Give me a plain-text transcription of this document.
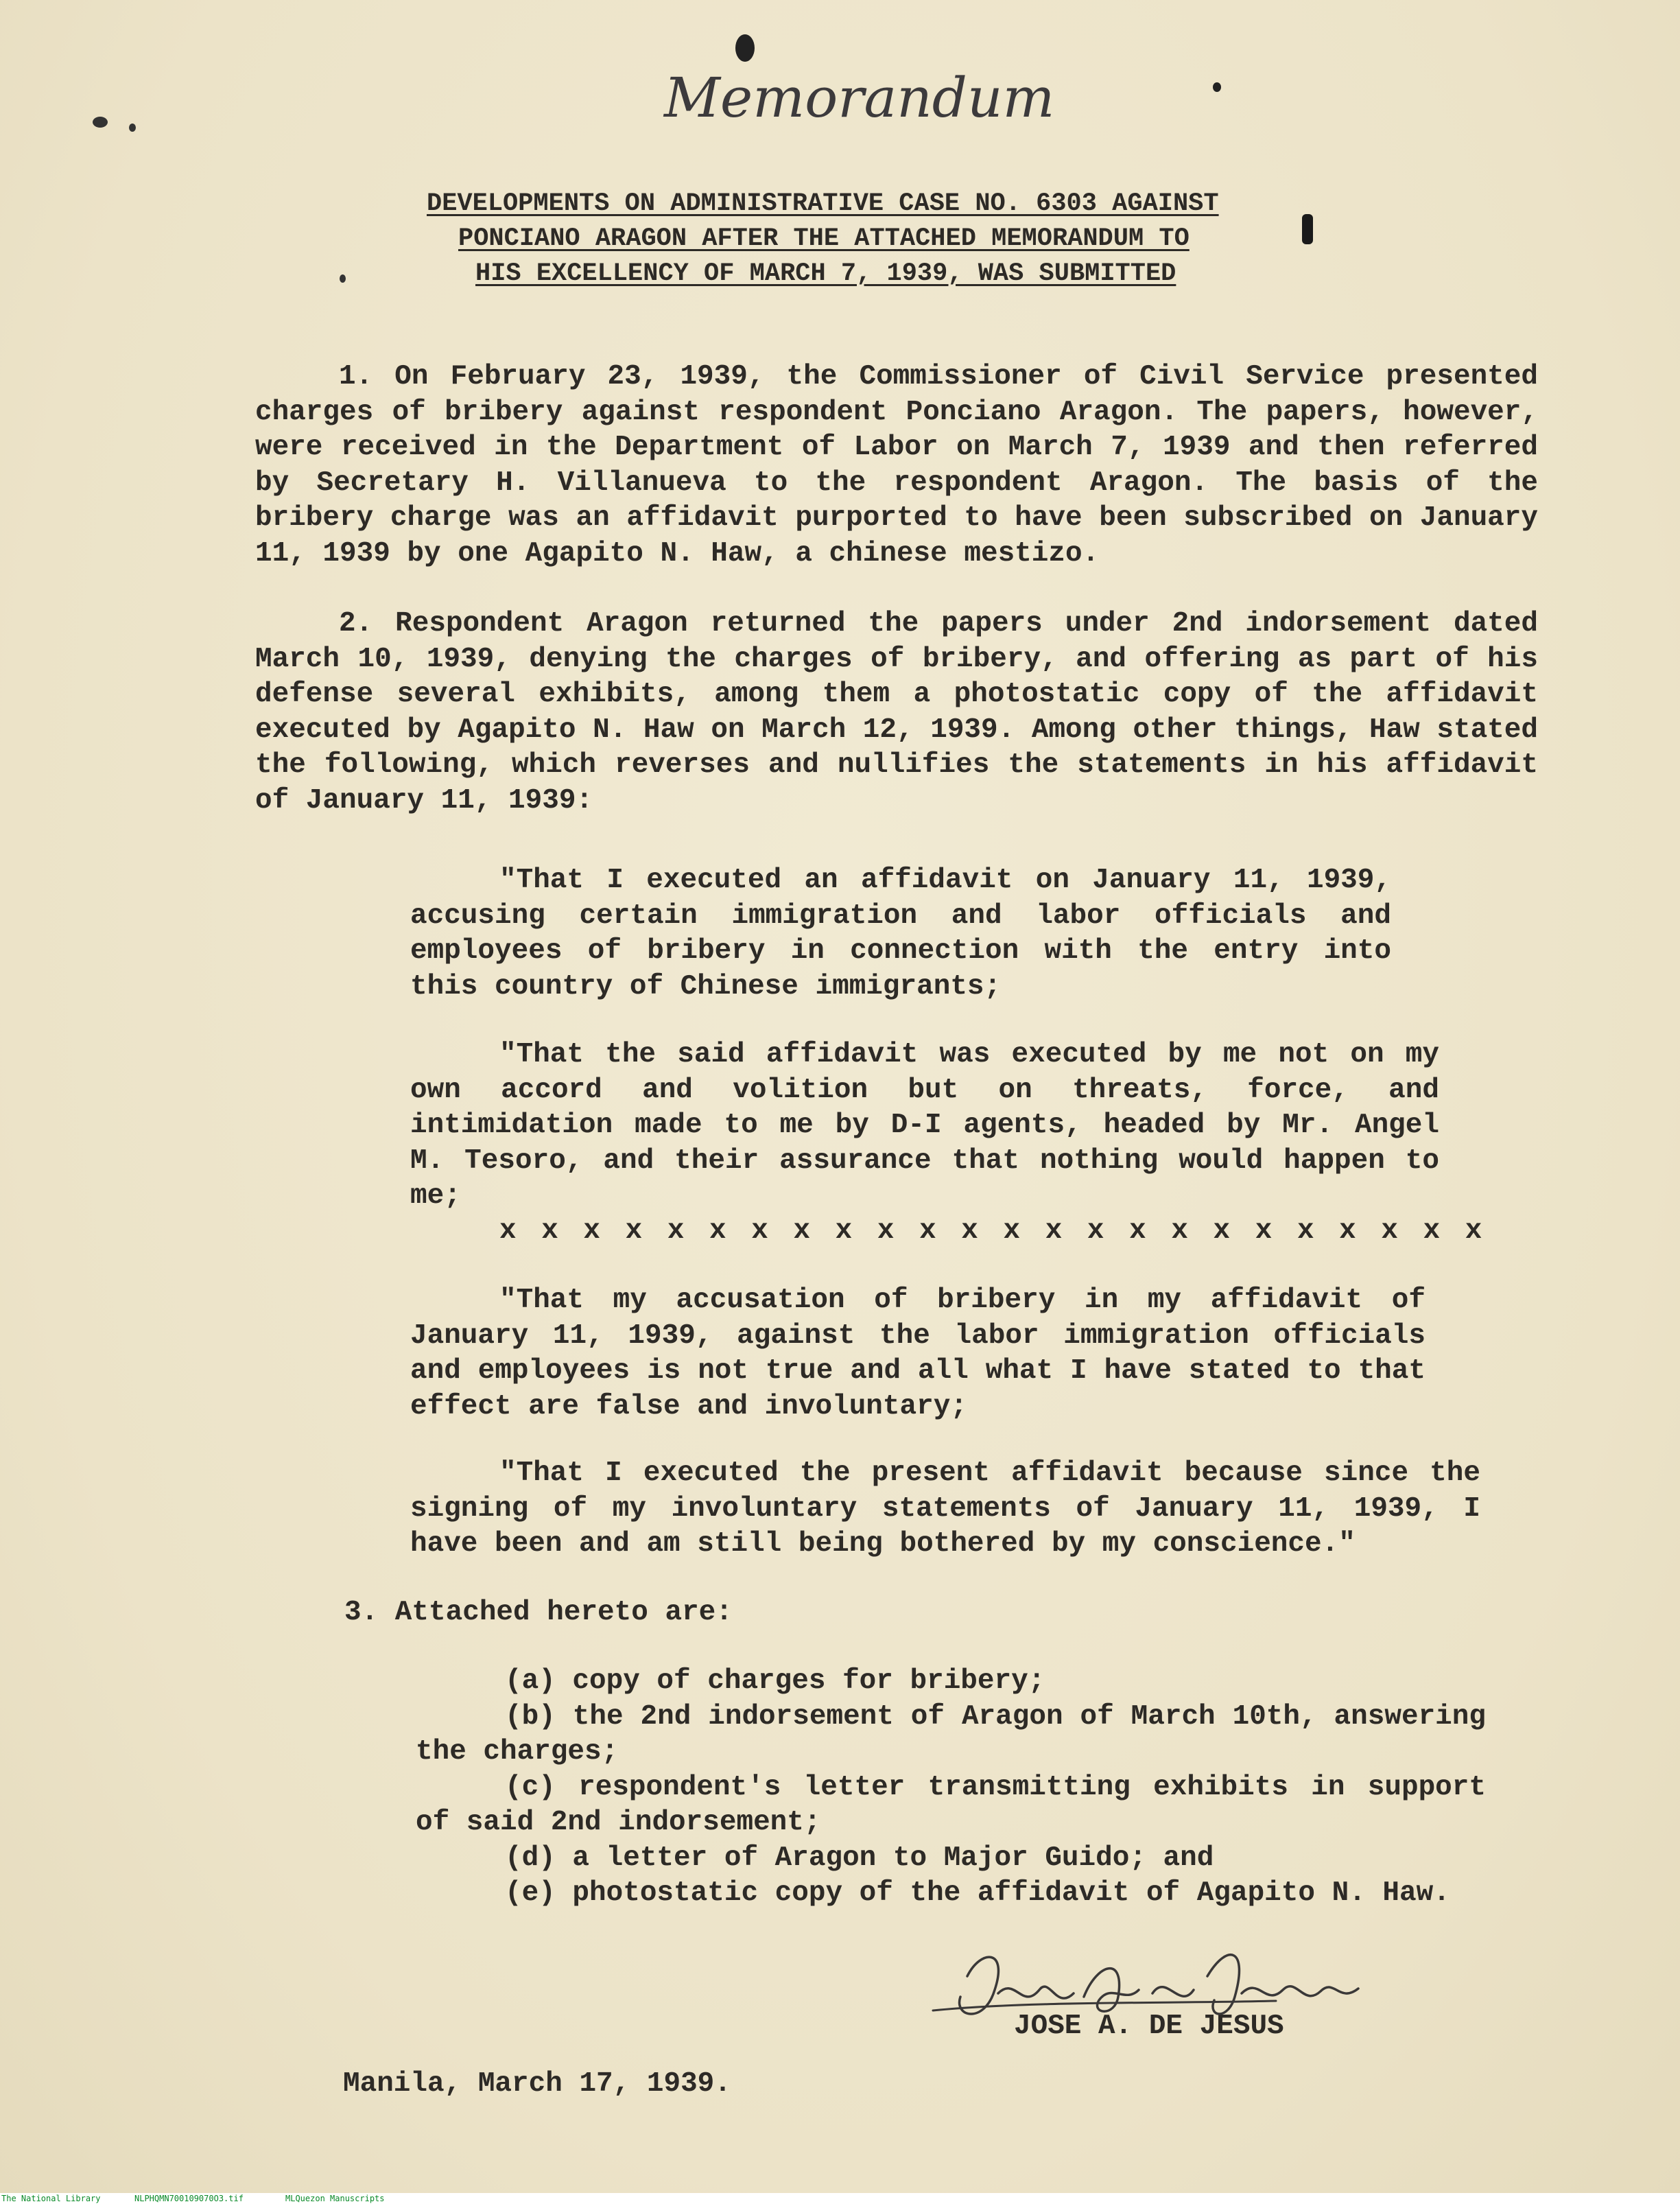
Memorandum
DEVELOPMENTS ON ADMINISTRATIVE CASE NO. 6303 AGAINST
PONCIANO ARAGON AFTER THE ATTACHED MEMORANDUM TO
HIS EXCELLENCY OF MARCH 7, 1939, WAS SUBMITTED

1. On February 23, 1939, the Commissioner of Civil Service presented charges of bribery against respondent Ponciano Aragon. The papers, however, were received in the Department of Labor on March 7, 1939 and then referred by Secretary H. Villanueva to the respondent Aragon. The basis of the bribery charge was an affidavit purported to have been subscribed on January 11, 1939 by one Agapito N. Haw, a chinese mestizo.

2. Respondent Aragon returned the papers under 2nd indorsement dated March 10, 1939, denying the charges of bribery, and offering as part of his defense several exhibits, among them a photostatic copy of the affidavit executed by Agapito N. Haw on March 12, 1939. Among other things, Haw stated the following, which reverses and nullifies the statements in his affidavit of January 11, 1939:

"That I executed an affidavit on January 11, 1939, accusing certain immigration and labor officials and employees of bribery in connection with the entry into this country of Chinese immigrants;

"That the said affidavit was executed by me not on my own accord and volition but on threats, force, and intimidation made to me by D-I agents, headed by Mr. Angel M. Tesoro, and their assurance that nothing would happen to me;

x x x x x x x x x x x x x x x x x x x x x x x x

"That my accusation of bribery in my affidavit of January 11, 1939, against the labor immigration officials and employees is not true and all what I have stated to that effect are false and involuntary;

"That I executed the present affidavit because since the signing of my involuntary statements of January 11, 1939, I have been and am still being bothered by my conscience."

3. Attached hereto are:

(a) copy of charges for bribery;

(b) the 2nd indorsement of Aragon of March 10th, answering the charges;

(c) respondent's letter transmitting exhibits in support of said 2nd indorsement;

(d) a letter of Aragon to Major Guido; and

(e) photostatic copy of the affidavit of Agapito N. Haw.

JOSE A. DE JESUS
Manila, March 17, 1939.
The National Library	NLPHQMN700109070O3.tif	MLQuezon Manuscripts
